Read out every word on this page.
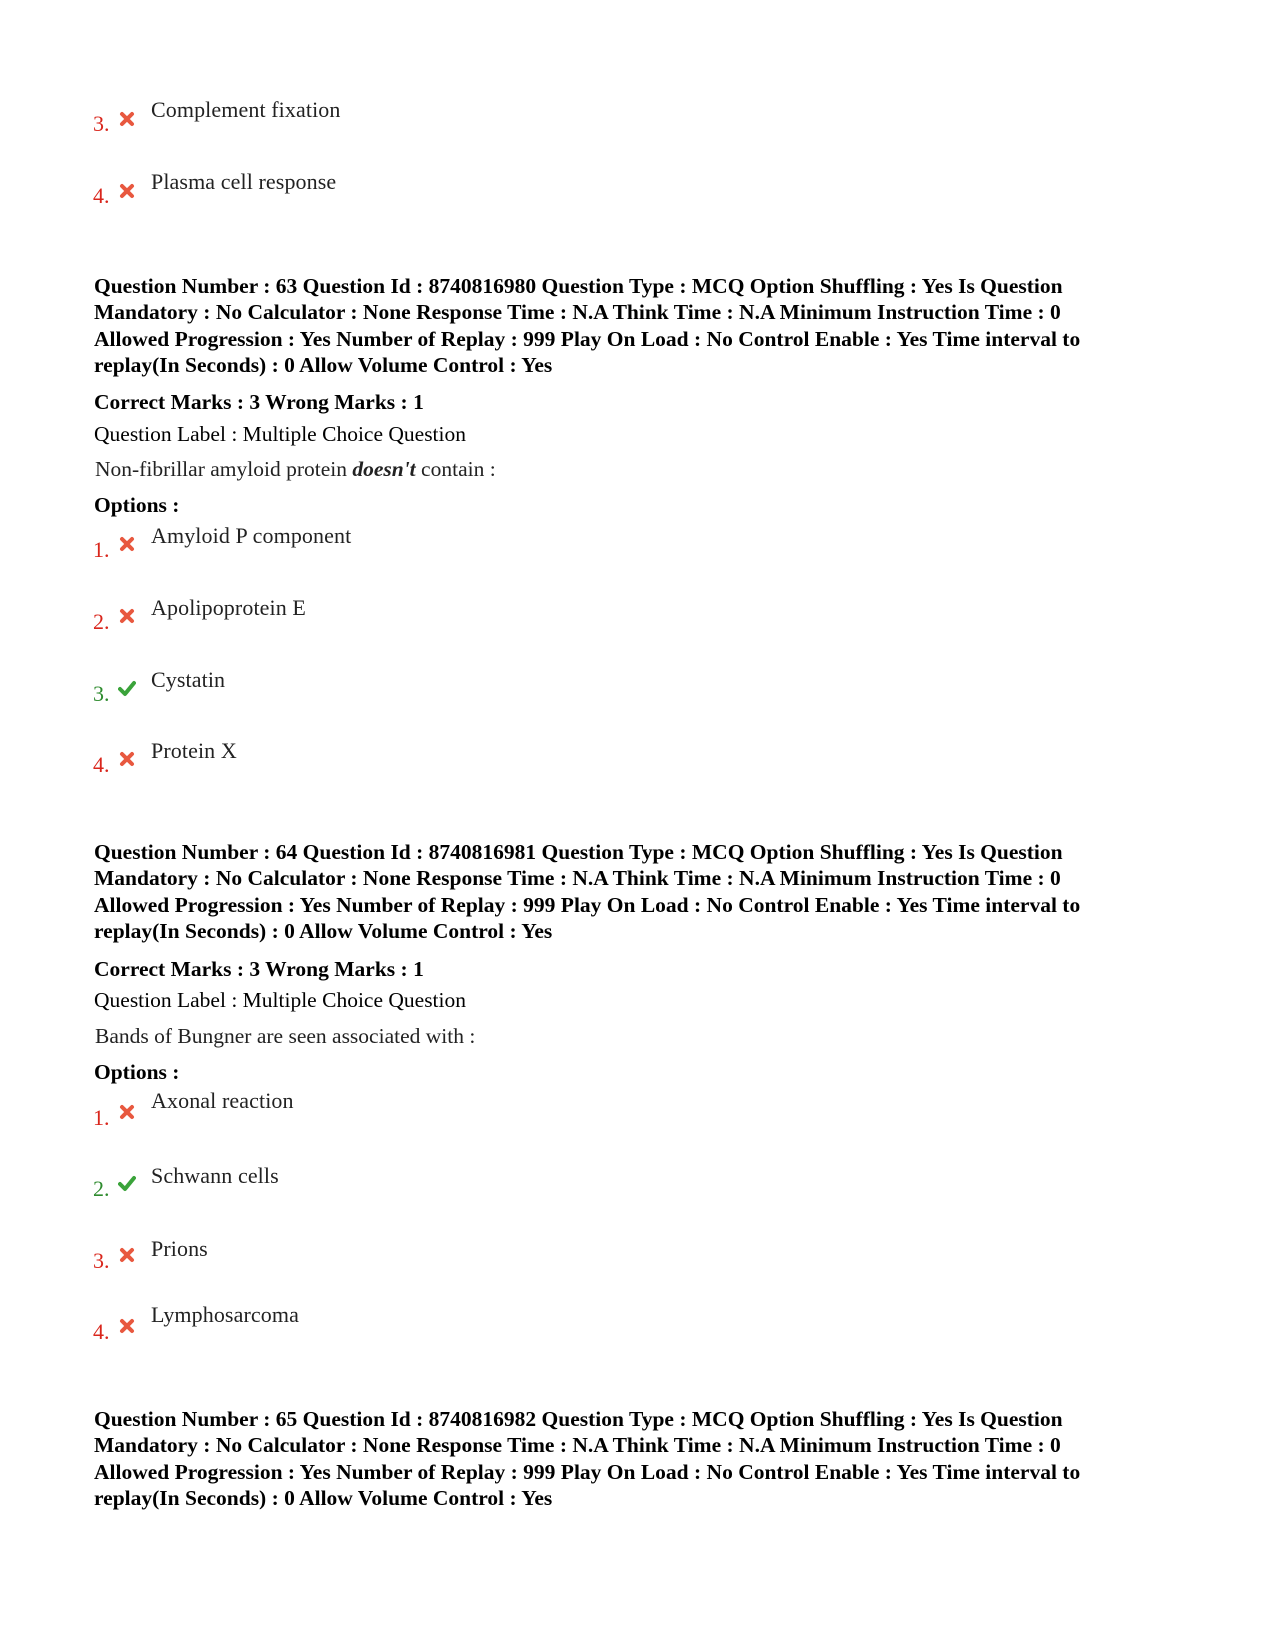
3.
Complement fixation
4.
Plasma cell response
Question Number : 63 Question Id : 8740816980 Question Type : MCQ Option Shuffling : Yes Is Question
Mandatory : No Calculator : None Response Time : N.A Think Time : N.A Minimum Instruction Time : 0
Allowed Progression : Yes Number of Replay : 999 Play On Load : No Control Enable : Yes Time interval to
replay(In Seconds) : 0 Allow Volume Control : Yes
Correct Marks : 3 Wrong Marks : 1
Question Label : Multiple Choice Question
Non-fibrillar amyloid protein doesn't contain :
Options :
1.
Amyloid P component
2.
Apolipoprotein E
3.
Cystatin
4.
Protein X
Question Number : 64 Question Id : 8740816981 Question Type : MCQ Option Shuffling : Yes Is Question
Mandatory : No Calculator : None Response Time : N.A Think Time : N.A Minimum Instruction Time : 0
Allowed Progression : Yes Number of Replay : 999 Play On Load : No Control Enable : Yes Time interval to
replay(In Seconds) : 0 Allow Volume Control : Yes
Correct Marks : 3 Wrong Marks : 1
Question Label : Multiple Choice Question
Bands of Bungner are seen associated with :
Options :
1.
Axonal reaction
2.
Schwann cells
3. Prions
4.
Lymphosarcoma
Question Number : 65 Question Id : 8740816982 Question Type : MCQ Option Shuffling : Yes Is Question
Mandatory : No Calculator : None Response Time : N.A Think Time : N.A Minimum Instruction Time : 0
Allowed Progression : Yes Number of Replay : 999 Play On Load : No Control Enable : Yes Time interval to
replay(In Seconds) : 0 Allow Volume Control : Yes
